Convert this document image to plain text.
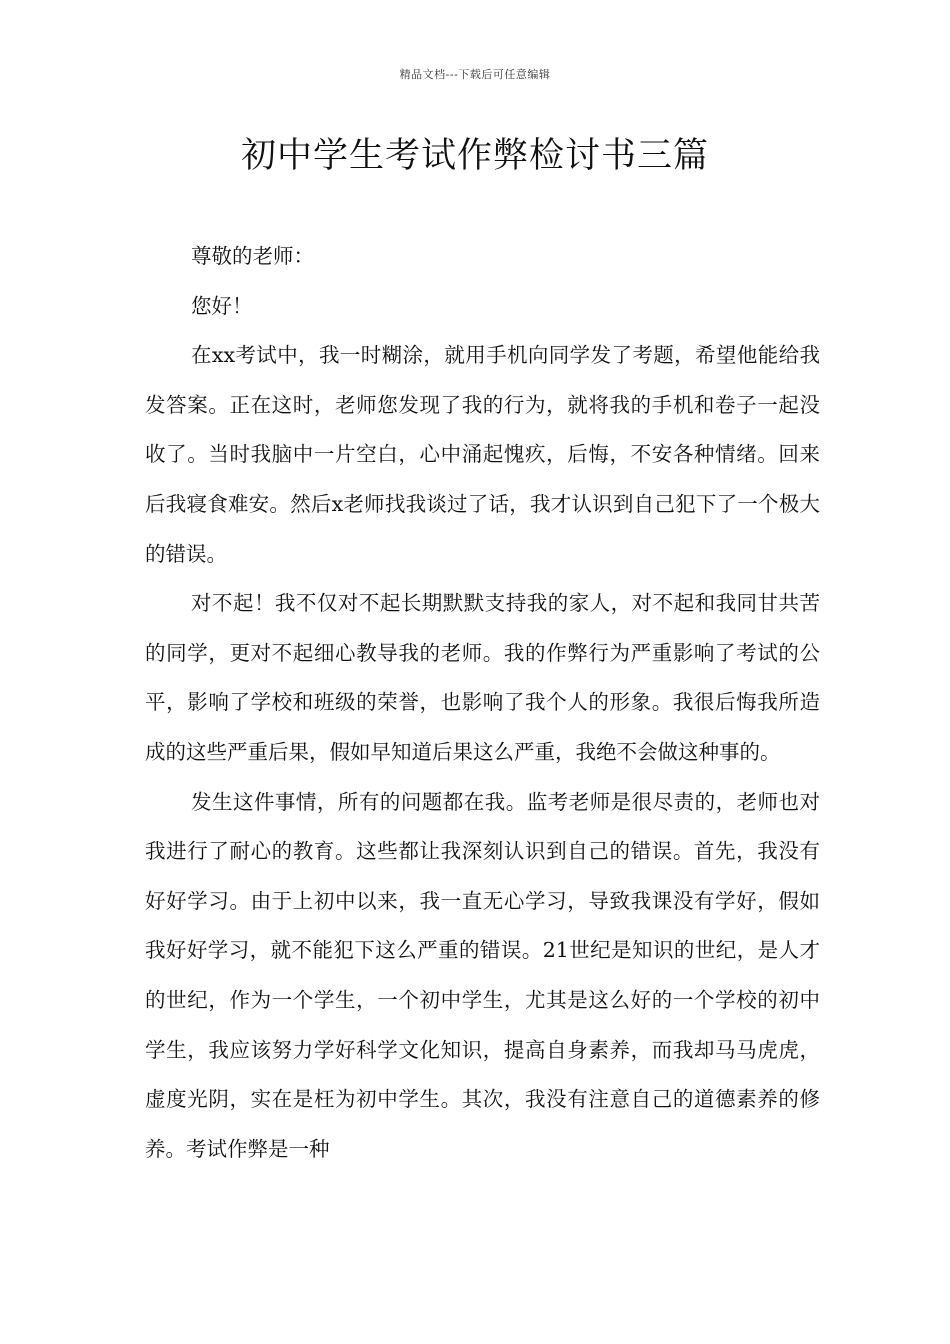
精品文档---下载后可任意编辑
初中学生考试作弊检讨书三篇

尊敬的老师：

您好！

在xx考试中，我一时糊涂，就用手机向同学发了考题，希望他能给我发答案。正在这时，老师您发现了我的行为，就将我的手机和卷子一起没收了。当时我脑中一片空白，心中涌起愧疚，后悔，不安各种情绪。回来后我寝食难安。然后x老师找我谈过了话，我才认识到自己犯下了一个极大的错误。

对不起！我不仅对不起长期默默支持我的家人，对不起和我同甘共苦的同学，更对不起细心教导我的老师。我的作弊行为严重影响了考试的公平，影响了学校和班级的荣誉，也影响了我个人的形象。我很后悔我所造成的这些严重后果，假如早知道后果这么严重，我绝不会做这种事的。

发生这件事情，所有的问题都在我。监考老师是很尽责的，老师也对我进行了耐心的教育。这些都让我深刻认识到自己的错误。首先，我没有好好学习。由于上初中以来，我一直无心学习，导致我课没有学好，假如我好好学习，就不能犯下这么严重的错误。21世纪是知识的世纪，是人才的世纪，作为一个学生，一个初中学生，尤其是这么好的一个学校的初中学生，我应该努力学好科学文化知识，提高自身素养，而我却马马虎虎，虚度光阴，实在是枉为初中学生。其次，我没有注意自己的道德素养的修养。考试作弊是一种
